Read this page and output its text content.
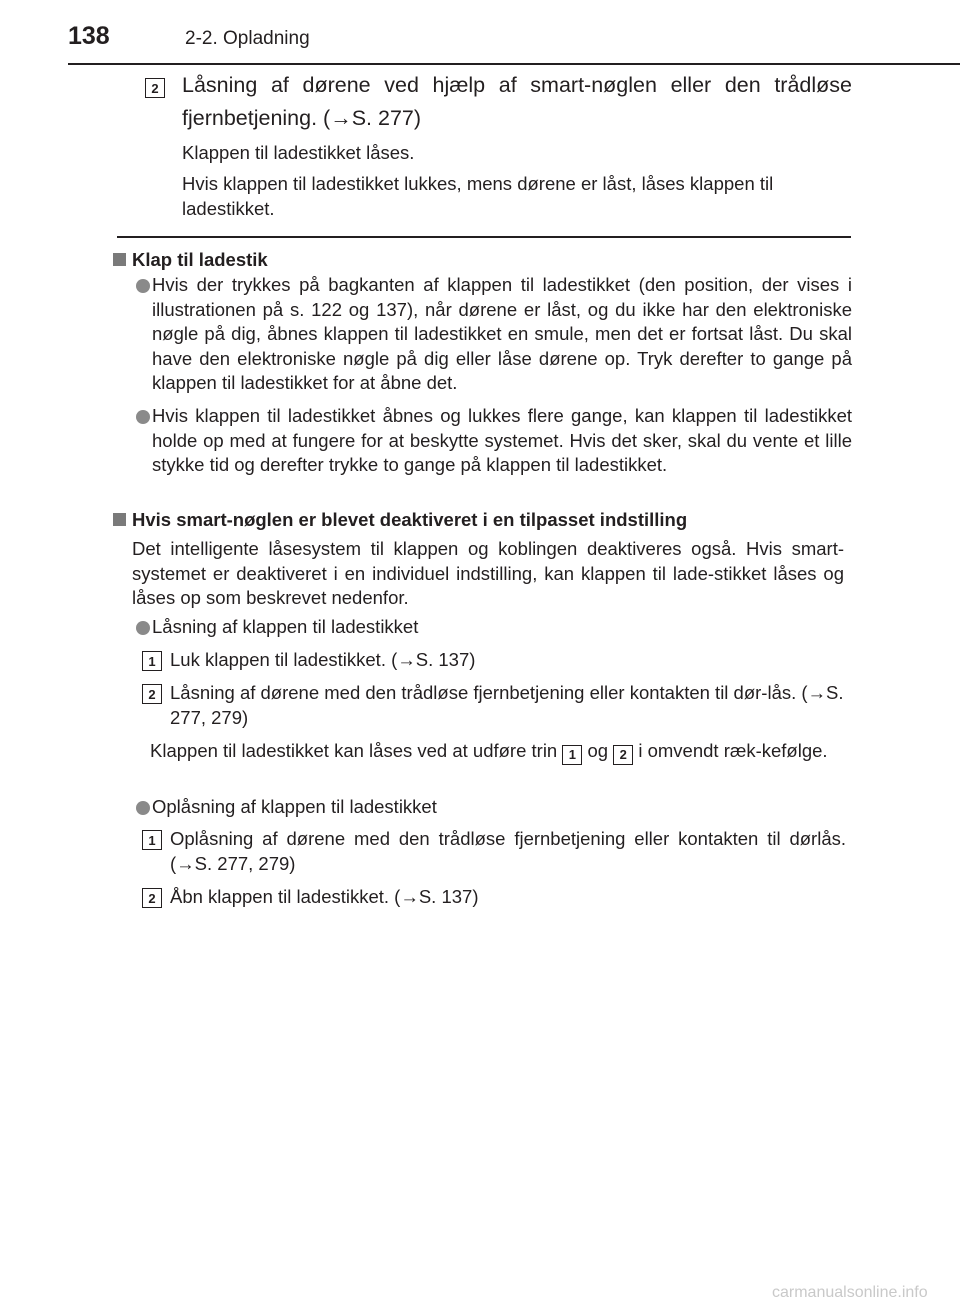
138	2-2. Opladning
2 Låsning af dørene ved hjælp af smart-nøglen eller den trådløse fjernbetjening. (→S. 277)
Klappen til ladestikket låses.
Hvis klappen til ladestikket lukkes, mens dørene er låst, låses klappen til ladestikket.
Klap til ladestik
Hvis der trykkes på bagkanten af klappen til ladestikket (den position, der vises i illustrationen på s. 122 og 137), når dørene er låst, og du ikke har den elektroniske nøgle på dig, åbnes klappen til ladestikket en smule, men det er fortsat låst. Du skal have den elektroniske nøgle på dig eller låse dørene op. Tryk derefter to gange på klappen til ladestikket for at åbne det.
Hvis klappen til ladestikket åbnes og lukkes flere gange, kan klappen til ladestikket holde op med at fungere for at beskytte systemet. Hvis det sker, skal du vente et lille stykke tid og derefter trykke to gange på klappen til ladestikket.
Hvis smart-nøglen er blevet deaktiveret i en tilpasset indstilling
Det intelligente låsesystem til klappen og koblingen deaktiveres også. Hvis smart-systemet er deaktiveret i en individuel indstilling, kan klappen til lade-stikket låses og låses op som beskrevet nedenfor.
Låsning af klappen til ladestikket
1 Luk klappen til ladestikket. (→S. 137)
2 Låsning af dørene med den trådløse fjernbetjening eller kontakten til dør-lås. (→S. 277, 279)
Klappen til ladestikket kan låses ved at udføre trin 1 og 2 i omvendt ræk-kefølge.
Oplåsning af klappen til ladestikket
1 Oplåsning af dørene med den trådløse fjernbetjening eller kontakten til dørlås. (→S. 277, 279)
2 Åbn klappen til ladestikket. (→S. 137)
carmanualsonline.info
